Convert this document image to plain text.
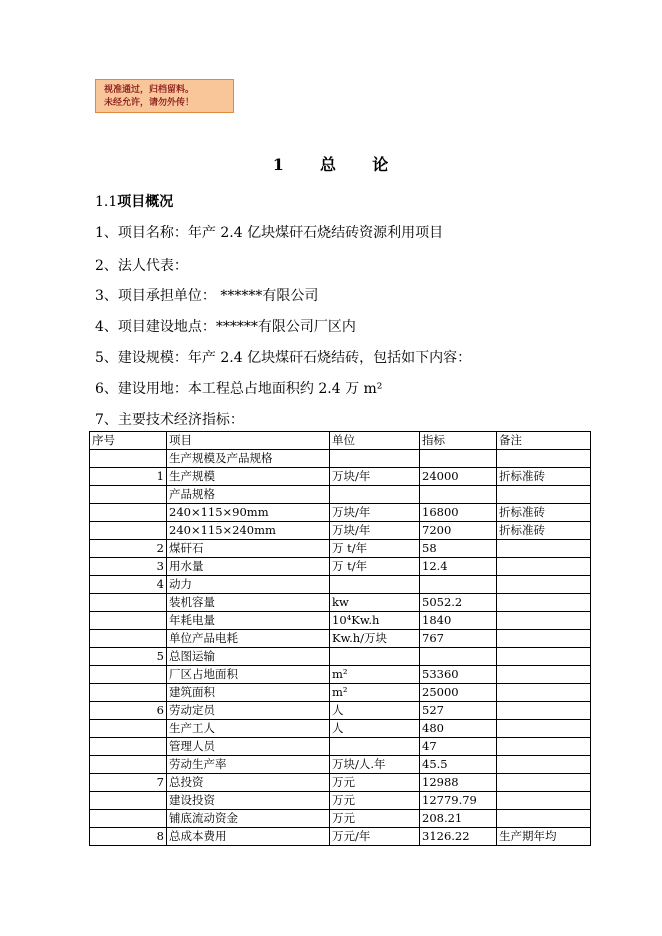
视准通过，归档留料。
未经允许，请勿外传！
1 总 论
1.1项目概况
1、项目名称：年产 2.4 亿块煤矸石烧结砖资源利用项目
2、法人代表：
3、项目承担单位： ******有限公司
4、项目建设地点：******有限公司厂区内
5、建设规模：年产 2.4 亿块煤矸石烧结砖，包括如下内容：
6、建设用地：本工程总占地面积约 2.4 万 m²
7、主要技术经济指标：
序号	项目	单位	指标	备注
	生产规模及产品规格			
1	生产规模	万块/年	24000	折标准砖
	产品规格			
	240×115×90mm	万块/年	16800	折标准砖
	240×115×240mm	万块/年	7200	折标准砖
2	煤矸石	万 t/年	58	
3	用水量	万 t/年	12.4	
4	动力			
	装机容量	kw	5052.2	
	年耗电量	10⁴Kw.h	1840	
	单位产品电耗	Kw.h/万块	767	
5	总图运输			
	厂区占地面积	m²	53360	
	建筑面积	m²	25000	
6	劳动定员	人	527	
	生产工人	人	480	
	管理人员		47	
	劳动生产率	万块/人.年	45.5	
7	总投资	万元	12988	
	建设投资	万元	12779.79	
	铺底流动资金	万元	208.21	
8	总成本费用	万元/年	3126.22	生产期年均
